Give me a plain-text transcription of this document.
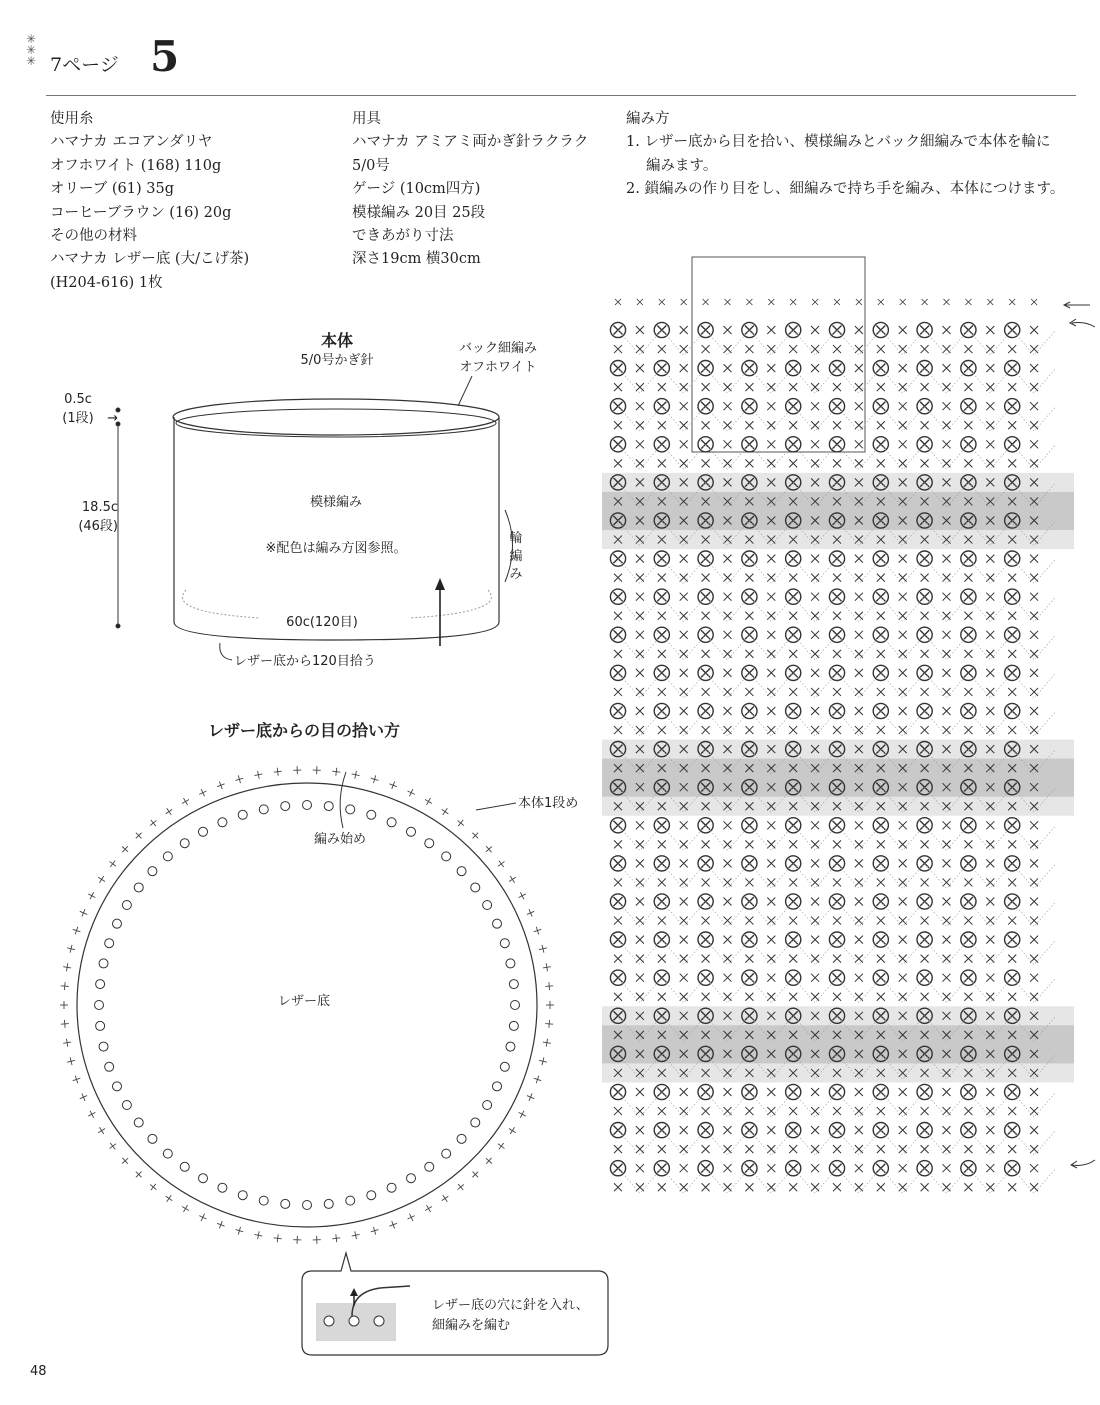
✳
✳
✳ 7ページ 5
使用糸
ハマナカ エコアンダリヤ
オフホワイト (168) 110g
オリーブ (61) 35g
コーヒーブラウン (16) 20g
その他の材料
ハマナカ レザー底 (大/こげ茶)
(H204-616) 1枚
用具
ハマナカ アミアミ両かぎ針ラクラク
5/0号
ゲージ (10cm四方)
模様編み 20目 25段
できあがり寸法
深さ19cm 横30cm
編み方
1. レザー底から目を拾い、模様編みとバック細編みで本体を輪に
編みます。
2. 鎖編みの作り目をし、細編みで持ち手を編み、本体につけます。
本体
5/0号かぎ針
バック細編み
オフホワイト
0.5c
(1段) →
18.5c
(46段)
模様編み
※配色は編み方図参照。
輪
編
み
60c(120目)
レザー底から120目拾う
レザー底からの目の拾い方
本体1段め
編み始め
レザー底
レザー底の穴に針を入れ、
細編みを編む
48
